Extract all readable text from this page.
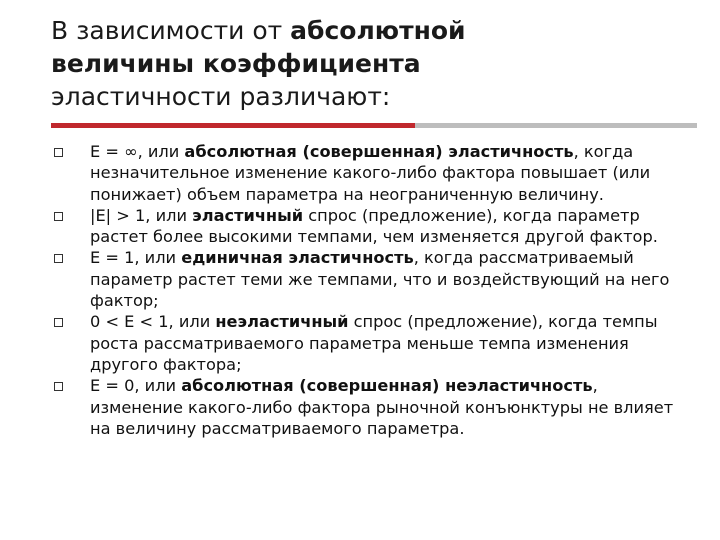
В зависимости от абсолютной
величины коэффициента
эластичности различают:
E = ∞, или абсолютная (совершенная) эластичность, когда незначительное изменение какого-либо фактора повышает (или понижает) объем параметра на неограниченную величину.
|E| > 1, или эластичный спрос (предложение), когда параметр растет более высокими темпами, чем изменяется другой фактор.
E = 1, или единичная эластичность, когда рассматриваемый параметр растет теми же темпами, что и воздействующий на него фактор;
0 < E < 1, или неэластичный спрос (предложение), когда темпы роста рассматриваемого параметра меньше темпа изменения другого фактора;
E = 0, или абсолютная (совершенная) неэластичность, изменение какого-либо фактора рыночной конъюнктуры не влияет на величину рассматриваемого параметра.
